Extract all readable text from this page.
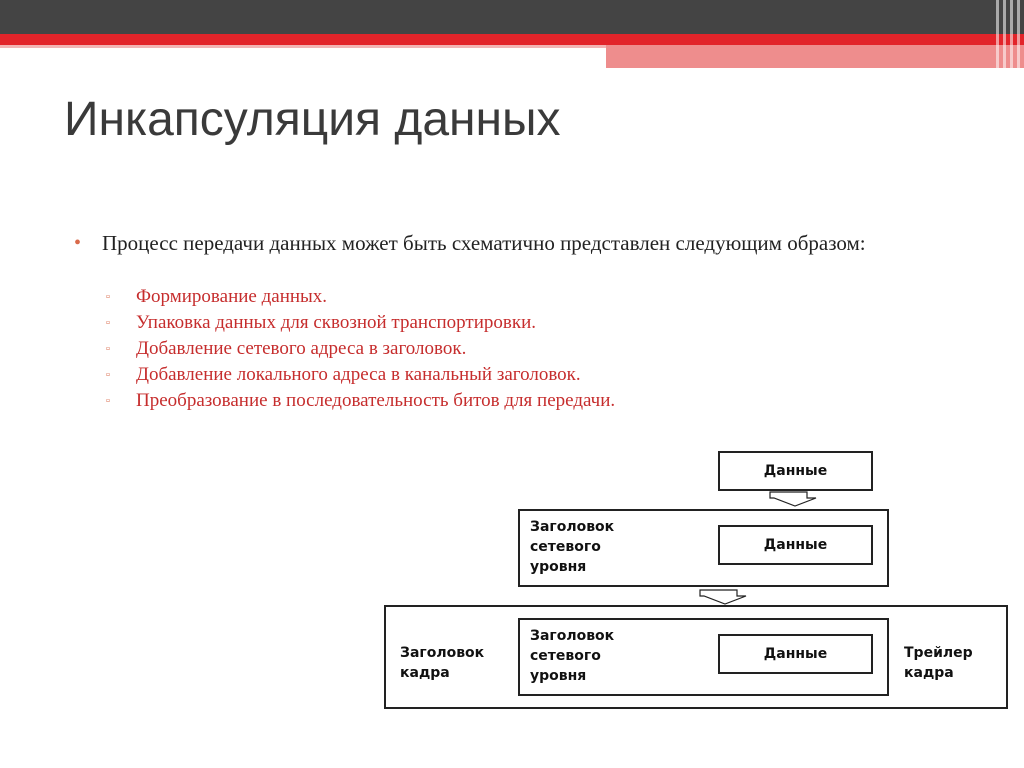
Инкапсуляция данных
• Процесс передачи данных может быть схематично представлен следующим образом:
▫ Формирование данных.
▫ Упаковка данных для сквозной транспортировки.
▫ Добавление сетевого адреса в заголовок.
▫ Добавление локального адреса в канальный заголовок.
▫ Преобразование в последовательность битов для передачи.
Данные
Заголовок сетевого уровня
Данные
Заголовок кадра
Трейлер кадра
Заголовок сетевого уровня
Данные
